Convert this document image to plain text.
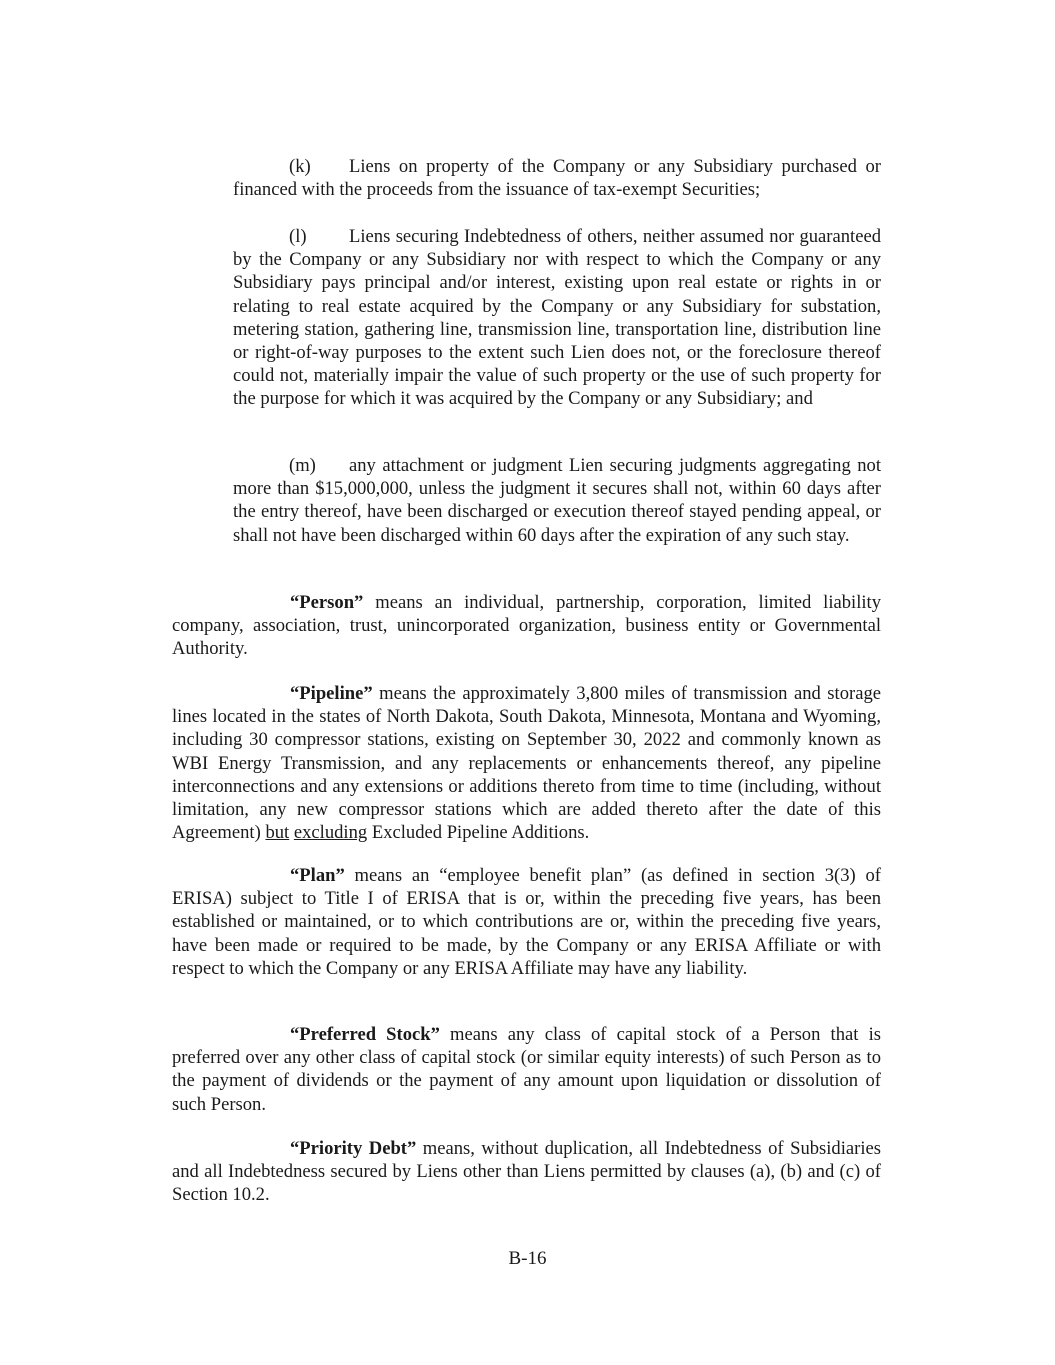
(k) Liens on property of the Company or any Subsidiary purchased or financed with the proceeds from the issuance of tax-exempt Securities;

(l) Liens securing Indebtedness of others, neither assumed nor guaranteed by the Company or any Subsidiary nor with respect to which the Company or any Subsidiary pays principal and/or interest, existing upon real estate or rights in or relating to real estate acquired by the Company or any Subsidiary for substation, metering station, gathering line, transmission line, transportation line, distribution line or right-of-way purposes to the extent such Lien does not, or the foreclosure thereof could not, materially impair the value of such property or the use of such property for the purpose for which it was acquired by the Company or any Subsidiary; and

(m) any attachment or judgment Lien securing judgments aggregating not more than $15,000,000, unless the judgment it secures shall not, within 60 days after the entry thereof, have been discharged or execution thereof stayed pending appeal, or shall not have been discharged within 60 days after the expiration of any such stay.

“Person” means an individual, partnership, corporation, limited liability company, association, trust, unincorporated organization, business entity or Governmental Authority.

“Pipeline” means the approximately 3,800 miles of transmission and storage lines located in the states of North Dakota, South Dakota, Minnesota, Montana and Wyoming, including 30 compressor stations, existing on September 30, 2022 and commonly known as WBI Energy Transmission, and any replacements or enhancements thereof, any pipeline interconnections and any extensions or additions thereto from time to time (including, without limitation, any new compressor stations which are added thereto after the date of this Agreement) but excluding Excluded Pipeline Additions.

“Plan” means an “employee benefit plan” (as defined in section 3(3) of ERISA) subject to Title I of ERISA that is or, within the preceding five years, has been established or maintained, or to which contributions are or, within the preceding five years, have been made or required to be made, by the Company or any ERISA Affiliate or with respect to which the Company or any ERISA Affiliate may have any liability.

“Preferred Stock” means any class of capital stock of a Person that is preferred over any other class of capital stock (or similar equity interests) of such Person as to the payment of dividends or the payment of any amount upon liquidation or dissolution of such Person.

“Priority Debt” means, without duplication, all Indebtedness of Subsidiaries and all Indebtedness secured by Liens other than Liens permitted by clauses (a), (b) and (c) of Section 10.2.

B-16
